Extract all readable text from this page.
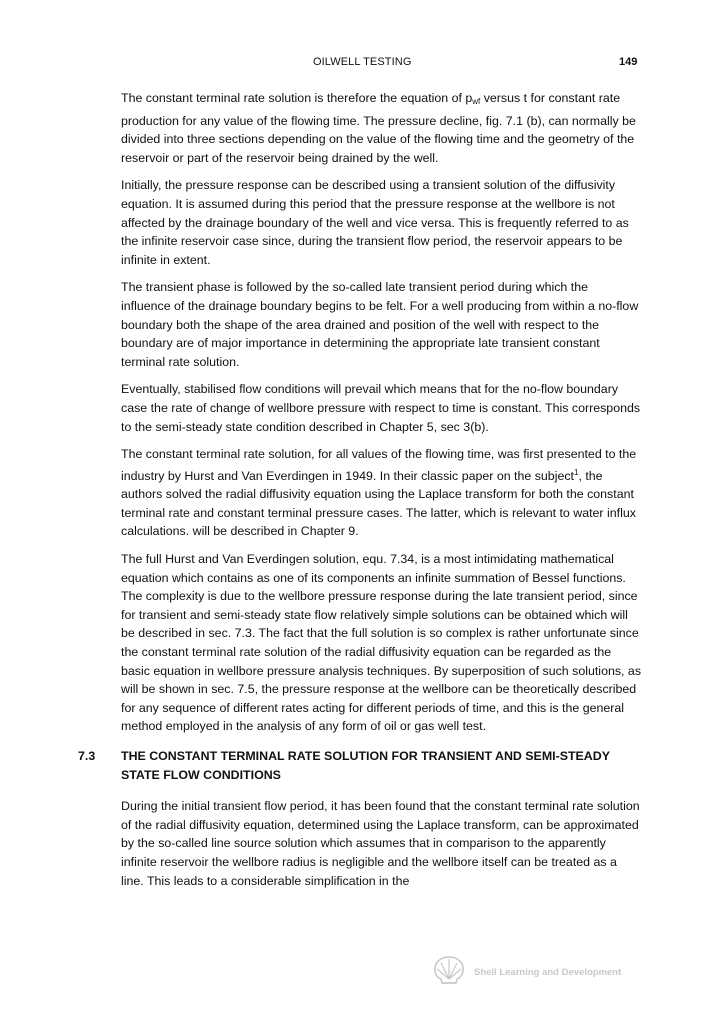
OILWELL TESTING	149

The constant terminal rate solution is therefore the equation of $p_{wf}$ versus t for constant rate production for any value of the flowing time. The pressure decline, fig. 7.1 (b), can normally be divided into three sections depending on the value of the flowing time and the geometry of the reservoir or part of the reservoir being drained by the well.

Initially, the pressure response can be described using a transient solution of the diffusivity equation. It is assumed during this period that the pressure response at the wellbore is not affected by the drainage boundary of the well and vice versa. This is frequently referred to as the infinite reservoir case since, during the transient flow period, the reservoir appears to be infinite in extent.

The transient phase is followed by the so-called late transient period during which the influence of the drainage boundary begins to be felt. For a well producing from within a no-flow boundary both the shape of the area drained and position of the well with respect to the boundary are of major importance in determining the appropriate late transient constant terminal rate solution.

Eventually, stabilised flow conditions will prevail which means that for the no-flow boundary case the rate of change of wellbore pressure with respect to time is constant. This corresponds to the semi-steady state condition described in Chapter 5, sec 3(b).

The constant terminal rate solution, for all values of the flowing time, was first presented to the industry by Hurst and Van Everdingen in 1949. In their classic paper on the subject$^1$, the authors solved the radial diffusivity equation using the Laplace transform for both the constant terminal rate and constant terminal pressure cases. The latter, which is relevant to water influx calculations. will be described in Chapter 9.

The full Hurst and Van Everdingen solution, equ. 7.34, is a most intimidating mathematical equation which contains as one of its components an infinite summation of Bessel functions. The complexity is due to the wellbore pressure response during the late transient period, since for transient and semi-steady state flow relatively simple solutions can be obtained which will be described in sec. 7.3. The fact that the full solution is so complex is rather unfortunate since the constant terminal rate solution of the radial diffusivity equation can be regarded as the basic equation in wellbore pressure analysis techniques. By superposition of such solutions, as will be shown in sec. 7.5, the pressure response at the wellbore can be theoretically described for any sequence of different rates acting for different periods of time, and this is the general method employed in the analysis of any form of oil or gas well test.

7.3 THE CONSTANT TERMINAL RATE SOLUTION FOR TRANSIENT AND SEMI-STEADY STATE FLOW CONDITIONS

During the initial transient flow period, it has been found that the constant terminal rate solution of the radial diffusivity equation, determined using the Laplace transform, can be approximated by the so-called line source solution which assumes that in comparison to the apparently infinite reservoir the wellbore radius is negligible and the wellbore itself can be treated as a line. This leads to a considerable simplification in the

Shell Learning and Development
